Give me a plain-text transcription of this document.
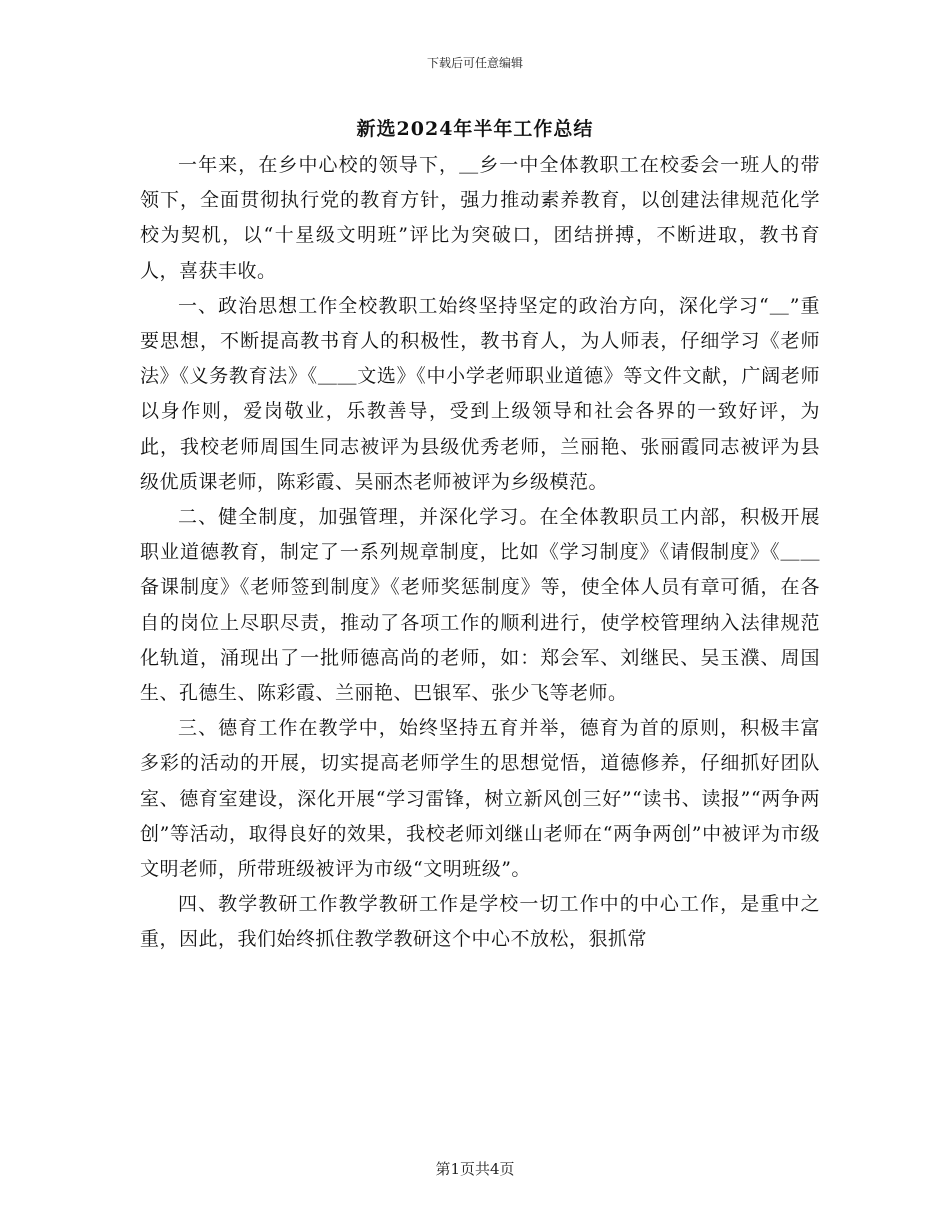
下载后可任意编辑
新选2024年半年工作总结

一年来，在乡中心校的领导下，＿乡一中全体教职工在校委会一班人的带领下，全面贯彻执行党的教育方针，强力推动素养教育，以创建法律规范化学校为契机，以“十星级文明班”评比为突破口，团结拼搏，不断进取，教书育人，喜获丰收。

一、政治思想工作全校教职工始终坚持坚定的政治方向，深化学习“＿”重要思想，不断提高教书育人的积极性，教书育人，为人师表，仔细学习《老师法》《义务教育法》《＿＿文选》《中小学老师职业道德》等文件文献，广阔老师以身作则，爱岗敬业，乐教善导，受到上级领导和社会各界的一致好评，为此，我校老师周国生同志被评为县级优秀老师，兰丽艳、张丽霞同志被评为县级优质课老师，陈彩霞、吴丽杰老师被评为乡级模范。

二、健全制度，加强管理，并深化学习。在全体教职员工内部，积极开展职业道德教育，制定了一系列规章制度，比如《学习制度》《请假制度》《＿＿备课制度》《老师签到制度》《老师奖惩制度》等，使全体人员有章可循，在各自的岗位上尽职尽责，推动了各项工作的顺利进行，使学校管理纳入法律规范化轨道，涌现出了一批师德高尚的老师，如：郑会军、刘继民、吴玉濮、周国生、孔德生、陈彩霞、兰丽艳、巴银军、张少飞等老师。

三、德育工作在教学中，始终坚持五育并举，德育为首的原则，积极丰富多彩的活动的开展，切实提高老师学生的思想觉悟，道德修养，仔细抓好团队室、德育室建设，深化开展“学习雷锋，树立新风创三好”“读书、读报”“两争两创”等活动，取得良好的效果，我校老师刘继山老师在“两争两创”中被评为市级文明老师，所带班级被评为市级“文明班级”。

四、教学教研工作教学教研工作是学校一切工作中的中心工作，是重中之重，因此，我们始终抓住教学教研这个中心不放松，狠抓常

第1页共4页
